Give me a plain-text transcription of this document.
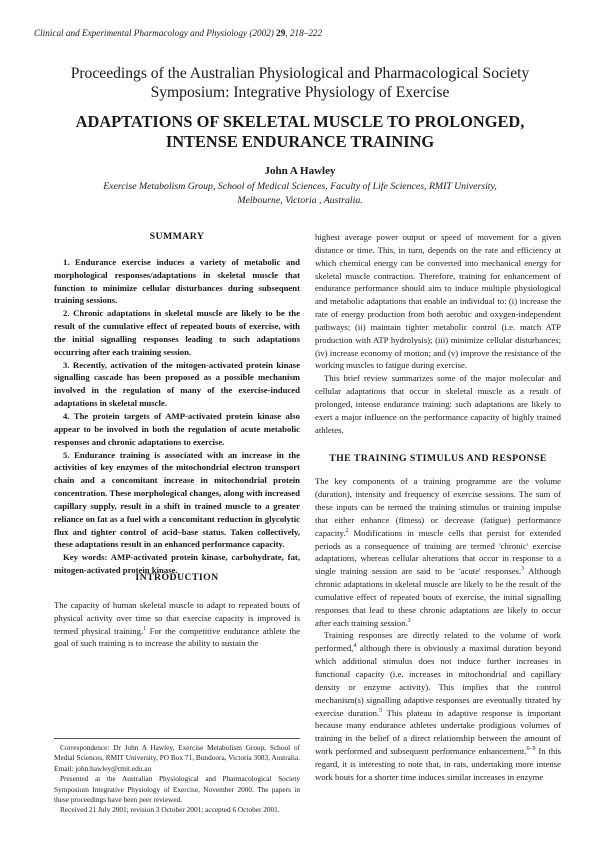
Clinical and Experimental Pharmacology and Physiology (2002) 29, 218–222
Proceedings of the Australian Physiological and Pharmacological Society
Symposium: Integrative Physiology of Exercise
ADAPTATIONS OF SKELETAL MUSCLE TO PROLONGED,
INTENSE ENDURANCE TRAINING
John A Hawley
Exercise Metabolism Group, School of Medical Sciences, Faculty of Life Sciences, RMIT University,
Melbourne, Victoria , Australia.
SUMMARY

1. Endurance exercise induces a variety of metabolic and morphological responses/adaptations in skeletal muscle that function to minimize cellular disturbances during subsequent training sessions.

2. Chronic adaptations in skeletal muscle are likely to be the result of the cumulative effect of repeated bouts of exercise, with the initial signalling responses leading to such adaptations occurring after each training session.

3. Recently, activation of the mitogen-activated protein kinase signalling cascade has been proposed as a possible mechanism involved in the regulation of many of the exercise-induced adaptations in skeletal muscle.

4. The protein targets of AMP-activated protein kinase also appear to be involved in both the regulation of acute metabolic responses and chronic adaptations to exercise.

5. Endurance training is associated with an increase in the activities of key enzymes of the mitochondrial electron transport chain and a concomitant increase in mitochondrial protein concentration. These morphological changes, along with increased capillary supply, result in a shift in trained muscle to a greater reliance on fat as a fuel with a concomitant reduction in glycolytic flux and tighter control of acid–base status. Taken collectively, these adaptations result in an enhanced performance capacity.

Key words: AMP-activated protein kinase, carbohydrate, fat, mitogen-activated protein kinase.

INTRODUCTION

The capacity of human skeletal muscle to adapt to repeated bouts of physical activity over time so that exercise capacity is improved is termed physical training.$^1$ For the competitive endurance athlete the goal of such training is to increase the ability to sustain the

Correspondence: Dr John A Hawley, Exercise Metabolism Group, School of Medial Sciences, RMIT University, PO Box 71, Bundoora, Victoria 3083, Australia. Email: john.hawley@rmit.edu.au

Presented at the Australian Physiological and Pharmacological Society Symposium Integrative Physiology of Exercise, November 2000. The papers in these proceedings have been peer reviewed.

Received 21 July 2001; revision 3 October 2001; accepted 6 October 2001.

highest average power output or speed of movement for a given distance or time. This, in turn, depends on the rate and efficiency at which chemical energy can be converted into mechanical energy for skeletal muscle contraction. Therefore, training for enhancement of endurance performance should aim to induce multiple physiological and metabolic adaptations that enable an individual to: (i) increase the rate of energy production from both aerobic and oxygen-independent pathways; (ii) maintain tighter metabolic control (i.e. match ATP production with ATP hydrolysis); (iii) minimize cellular disturbances; (iv) increase economy of motion; and (v) improve the resistance of the working muscles to fatigue during exercise.

This brief review summarizes some of the major molecular and cellular adaptations that occur in skeletal muscle as a result of prolonged, intense endurance training: such adaptations are likely to exert a major influence on the performance capacity of highly trained athletes.

THE TRAINING STIMULUS AND RESPONSE

The key components of a training programme are the volume (duration), intensity and frequency of exercise sessions. The sum of these inputs can be termed the training stimulus or training impulse that either enhance (fitness) or decrease (fatigue) performance capacity.$^2$ Modifications in muscle cells that persist for extended periods as a consequence of training are termed 'chronic' exercise adaptations, whereas cellular alterations that occur in response to a single training session are said to be 'acute' responses.$^3$ Although chronic adaptations in skeletal muscle are likely to be the result of the cumulative effect of repeated bouts of exercise, the initial signalling responses that lead to these chronic adaptations are likely to occur after each training session.$^3$

Training responses are directly related to the volume of work performed,$^4$ although there is obviously a maximal duration beyond which additional stimulus does not induce further increases in functional capacity (i.e. increases in mitochondrial and capillary density or enzyme activity). This implies that the control mechanism(s) signalling adaptive responses are eventually titrated by exercise duration.$^5$ This plateau in adaptive response is important because many endurance athletes undertake prodigious volumes of training in the belief of a direct relationship between the amount of work performed and subsequent performance enhancement.$^{6-9}$ In this regard, it is interesting to note that, in rats, undertaking more intense work bouts for a shorter time induces similar increases in enzyme
